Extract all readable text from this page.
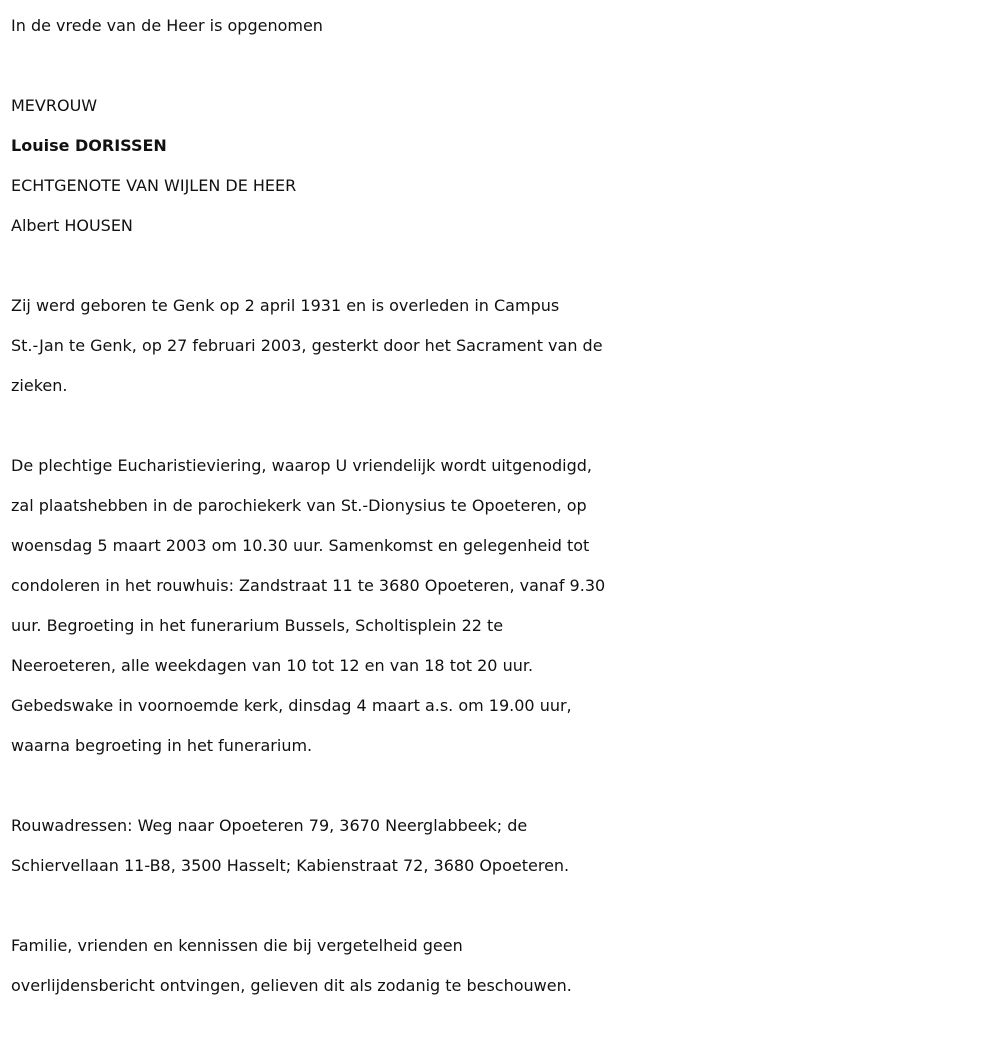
In de vrede van de Heer is opgenomen
MEVROUW
Louise DORISSEN
ECHTGENOTE VAN WIJLEN DE HEER
Albert HOUSEN

Zij werd geboren te Genk op 2 april 1931 en is overleden in Campus
St.-Jan te Genk, op 27 februari 2003, gesterkt door het Sacrament van de
zieken.

De plechtige Eucharistieviering, waarop U vriendelijk wordt uitgenodigd,
zal plaatshebben in de parochiekerk van St.-Dionysius te Opoeteren, op
woensdag 5 maart 2003 om 10.30 uur. Samenkomst en gelegenheid tot
condoleren in het rouwhuis: Zandstraat 11 te 3680 Opoeteren, vanaf 9.30
uur. Begroeting in het funerarium Bussels, Scholtisplein 22 te
Neeroeteren, alle weekdagen van 10 tot 12 en van 18 tot 20 uur.
Gebedswake in voornoemde kerk, dinsdag 4 maart a.s. om 19.00 uur,
waarna begroeting in het funerarium.

Rouwadressen: Weg naar Opoeteren 79, 3670 Neerglabbeek; de
Schiervellaan 11-B8, 3500 Hasselt; Kabienstraat 72, 3680 Opoeteren.

Familie, vrienden en kennissen die bij vergetelheid geen
overlijdensbericht ontvingen, gelieven dit als zodanig te beschouwen.
